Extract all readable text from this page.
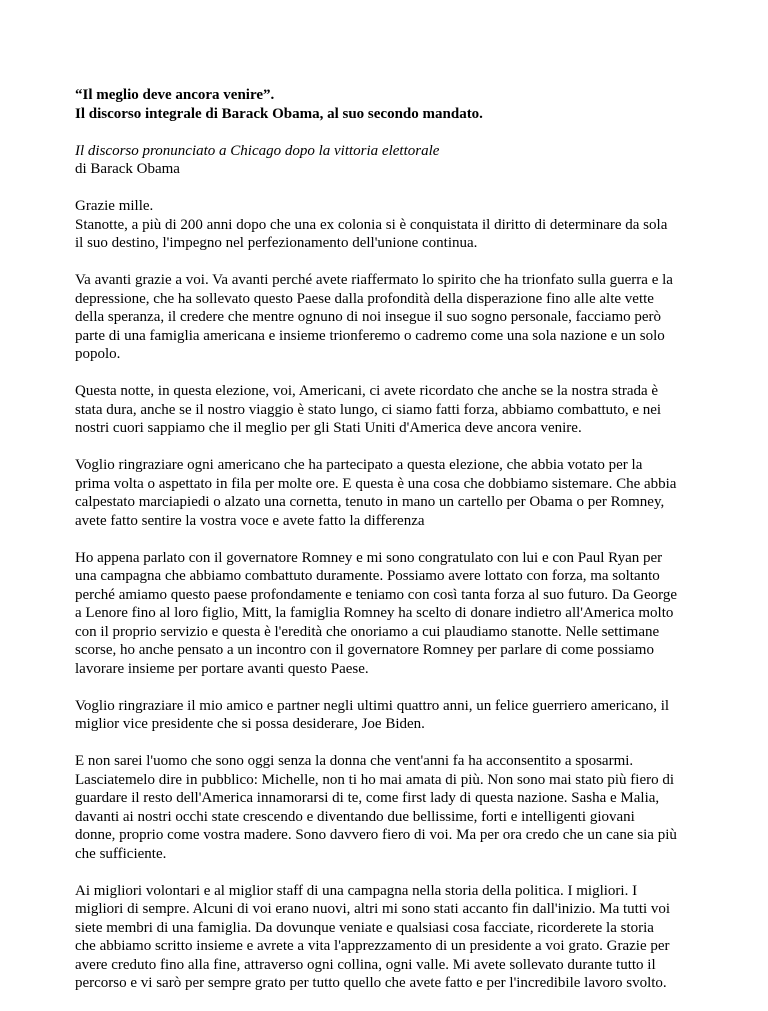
“Il meglio deve ancora venire”.
Il discorso integrale di Barack Obama, al suo secondo mandato.
Il discorso pronunciato a Chicago dopo la vittoria elettorale
di Barack Obama

Grazie mille.
Stanotte, a più di 200 anni dopo che una ex colonia si è conquistata il diritto di determinare da sola
il suo destino, l'impegno nel perfezionamento dell'unione continua.

Va avanti grazie a voi. Va avanti perché avete riaffermato lo spirito che ha trionfato sulla guerra e la
depressione, che ha sollevato questo Paese dalla profondità della disperazione fino alle alte vette
della speranza, il credere che mentre ognuno di noi insegue il suo sogno personale, facciamo però
parte di una famiglia americana e insieme trionferemo o cadremo come una sola nazione e un solo
popolo.

Questa notte, in questa elezione, voi, Americani, ci avete ricordato che anche se la nostra strada è
stata dura, anche se il nostro viaggio è stato lungo, ci siamo fatti forza, abbiamo combattuto, e nei
nostri cuori sappiamo che il meglio per gli Stati Uniti d'America deve ancora venire.

Voglio ringraziare ogni americano che ha partecipato a questa elezione, che abbia votato per la
prima volta o aspettato in fila per molte ore. E questa è una cosa che dobbiamo sistemare. Che abbia
calpestato marciapiedi o alzato una cornetta, tenuto in mano un cartello per Obama o per Romney,
avete fatto sentire la vostra voce e avete fatto la differenza

Ho appena parlato con il governatore Romney e mi sono congratulato con lui e con Paul Ryan per
una campagna che abbiamo combattuto duramente. Possiamo avere lottato con forza, ma soltanto
perché amiamo questo paese profondamente e teniamo con così tanta forza al suo futuro. Da George
a Lenore fino al loro figlio, Mitt, la famiglia Romney ha scelto di donare indietro all'America molto
con il proprio servizio e questa è l'eredità che onoriamo a cui plaudiamo stanotte. Nelle settimane
scorse, ho anche pensato a un incontro con il governatore Romney per parlare di come possiamo
lavorare insieme per portare avanti questo Paese.

Voglio ringraziare il mio amico e partner negli ultimi quattro anni, un felice guerriero americano, il
miglior vice presidente che si possa desiderare, Joe Biden.

E non sarei l'uomo che sono oggi senza la donna che vent'anni fa ha acconsentito a sposarmi.
Lasciatemelo dire in pubblico: Michelle, non ti ho mai amata di più. Non sono mai stato più fiero di
guardare il resto dell'America innamorarsi di te, come first lady di questa nazione. Sasha e Malia,
davanti ai nostri occhi state crescendo e diventando due bellissime, forti e intelligenti giovani
donne, proprio come vostra madere. Sono davvero fiero di voi. Ma per ora credo che un cane sia più
che sufficiente.

Ai migliori volontari e al miglior staff di una campagna nella storia della politica. I migliori. I
migliori di sempre. Alcuni di voi erano nuovi, altri mi sono stati accanto fin dall'inizio. Ma tutti voi
siete membri di una famiglia. Da dovunque veniate e qualsiasi cosa facciate, ricorderete la storia
che abbiamo scritto insieme e avrete a vita l'apprezzamento di un presidente a voi grato. Grazie per
avere creduto fino alla fine, attraverso ogni collina, ogni valle. Mi avete sollevato durante tutto il
percorso e vi sarò per sempre grato per tutto quello che avete fatto e per l'incredibile lavoro svolto.
